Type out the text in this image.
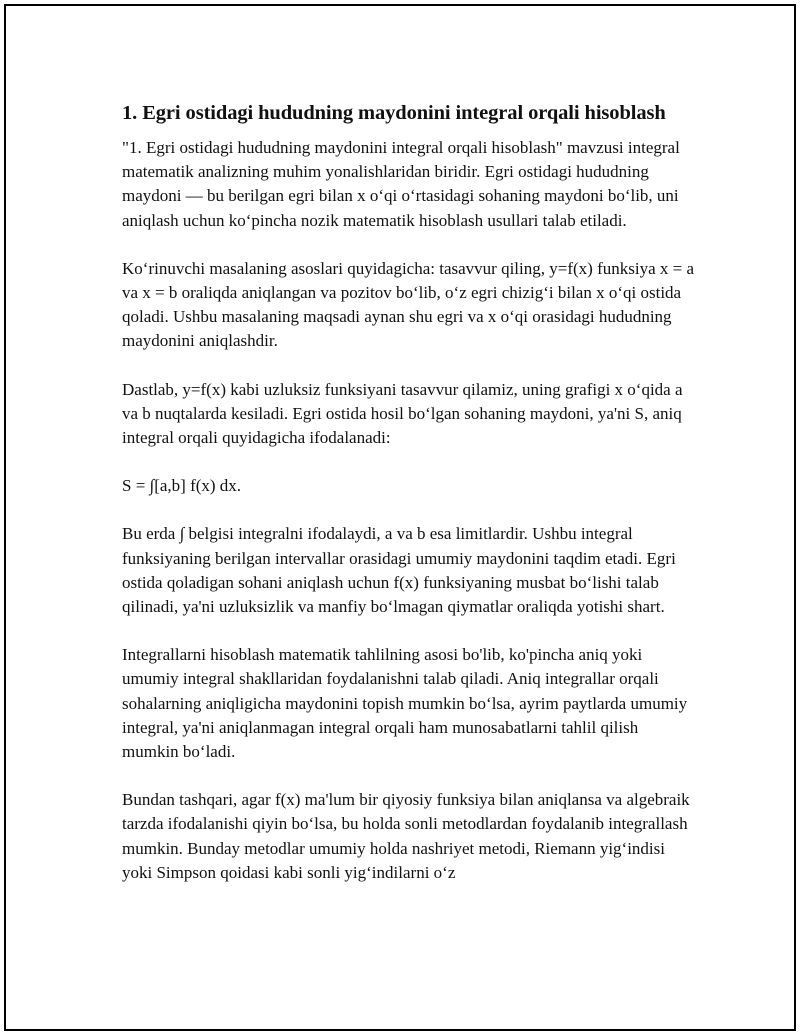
1. Egri ostidagi hududning maydonini integral orqali hisoblash

"1. Egri ostidagi hududning maydonini integral orqali hisoblash" mavzusi integral matematik analizning muhim yonalishlaridan biridir. Egri ostidagi hududning maydoni — bu berilgan egri bilan x oʻqi oʻrtasidagi sohaning maydoni boʻlib, uni aniqlash uchun koʻpincha nozik matematik hisoblash usullari talab etiladi.

Koʻrinuvchi masalaning asoslari quyidagicha: tasavvur qiling, y=f(x) funksiya x = a va x = b oraliqda aniqlangan va pozitov boʻlib, oʻz egri chizigʻi bilan x oʻqi ostida qoladi. Ushbu masalaning maqsadi aynan shu egri va x oʻqi orasidagi hududning maydonini aniqlashdir.

Dastlab, y=f(x) kabi uzluksiz funksiyani tasavvur qilamiz, uning grafigi x oʻqida a va b nuqtalarda kesiladi. Egri ostida hosil boʻlgan sohaning maydoni, ya'ni S, aniq integral orqali quyidagicha ifodalanadi:

S = ∫[a,b] f(x) dx.

Bu erda ∫ belgisi integralni ifodalaydi, a va b esa limitlardir. Ushbu integral funksiyaning berilgan intervallar orasidagi umumiy maydonini taqdim etadi. Egri ostida qoladigan sohani aniqlash uchun f(x) funksiyaning musbat boʻlishi talab qilinadi, ya'ni uzluksizlik va manfiy boʻlmagan qiymatlar oraliqda yotishi shart.

Integrallarni hisoblash matematik tahlilning asosi bo'lib, ko'pincha aniq yoki umumiy integral shakllaridan foydalanishni talab qiladi. Aniq integrallar orqali sohalarning aniqligicha maydonini topish mumkin boʻlsa, ayrim paytlarda umumiy integral, ya'ni aniqlanmagan integral orqali ham munosabatlarni tahlil qilish mumkin boʻladi.

Bundan tashqari, agar f(x) ma'lum bir qiyosiy funksiya bilan aniqlansa va algebraik tarzda ifodalanishi qiyin boʻlsa, bu holda sonli metodlardan foydalanib integrallash mumkin. Bunday metodlar umumiy holda nashriyet metodi, Riemann yigʻindisi yoki Simpson qoidasi kabi sonli yigʻindilarni oʻz
